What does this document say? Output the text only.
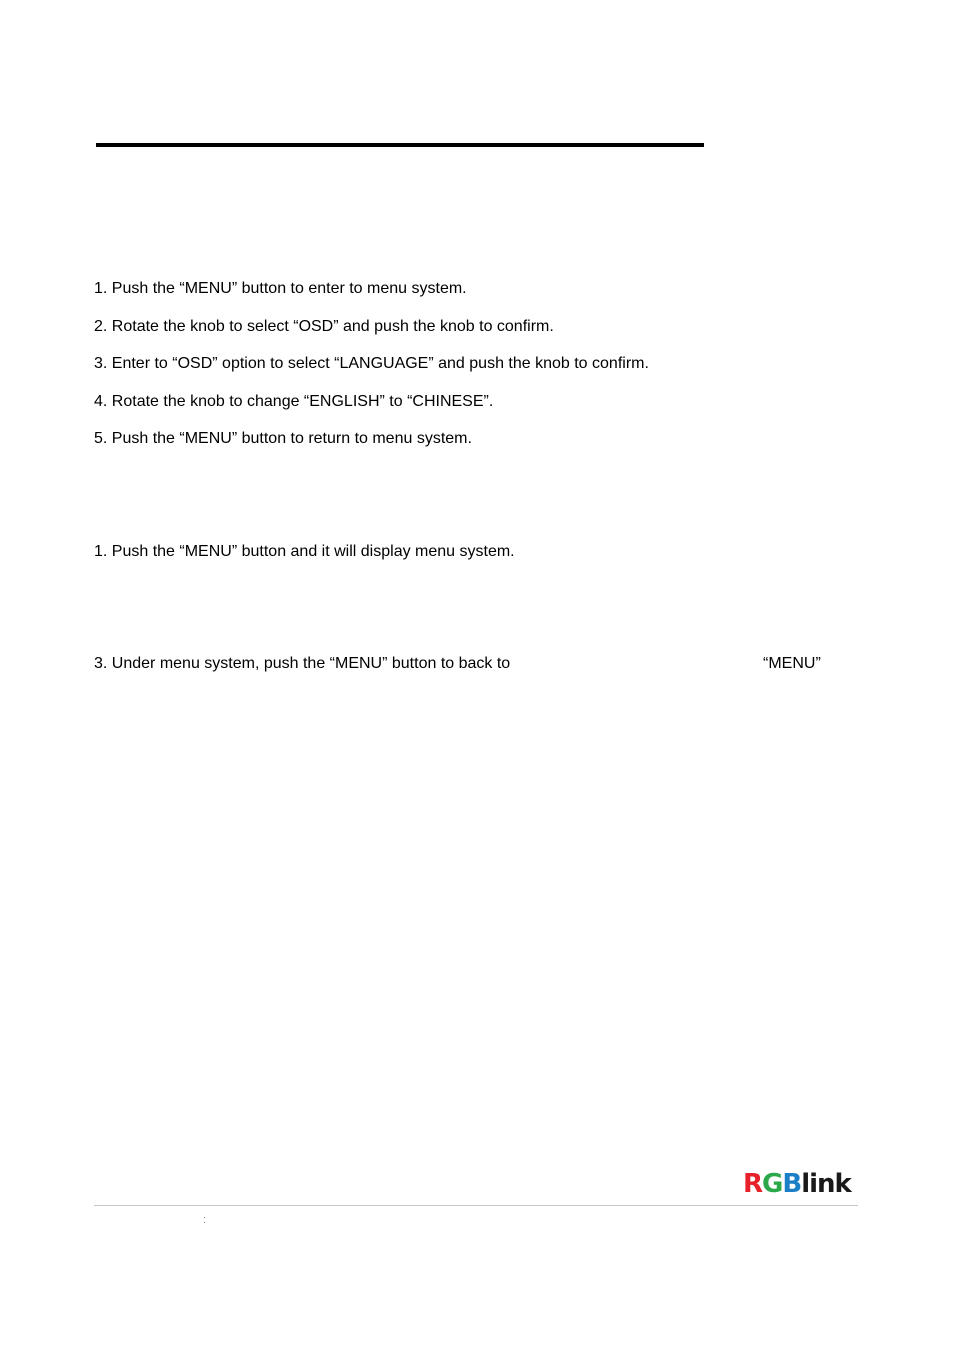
1. Push the “MENU” button to enter to menu system.
2. Rotate the knob to select “OSD” and push the knob to confirm.
3. Enter to “OSD” option to select “LANGUAGE” and push the knob to confirm.
4. Rotate the knob to change “ENGLISH” to “CHINESE”.
5. Push the “MENU” button to return to menu system.
1. Push the “MENU” button and it will display menu system.
3. Under menu system, push the “MENU” button to back to	“MENU”
RGBlink
:
